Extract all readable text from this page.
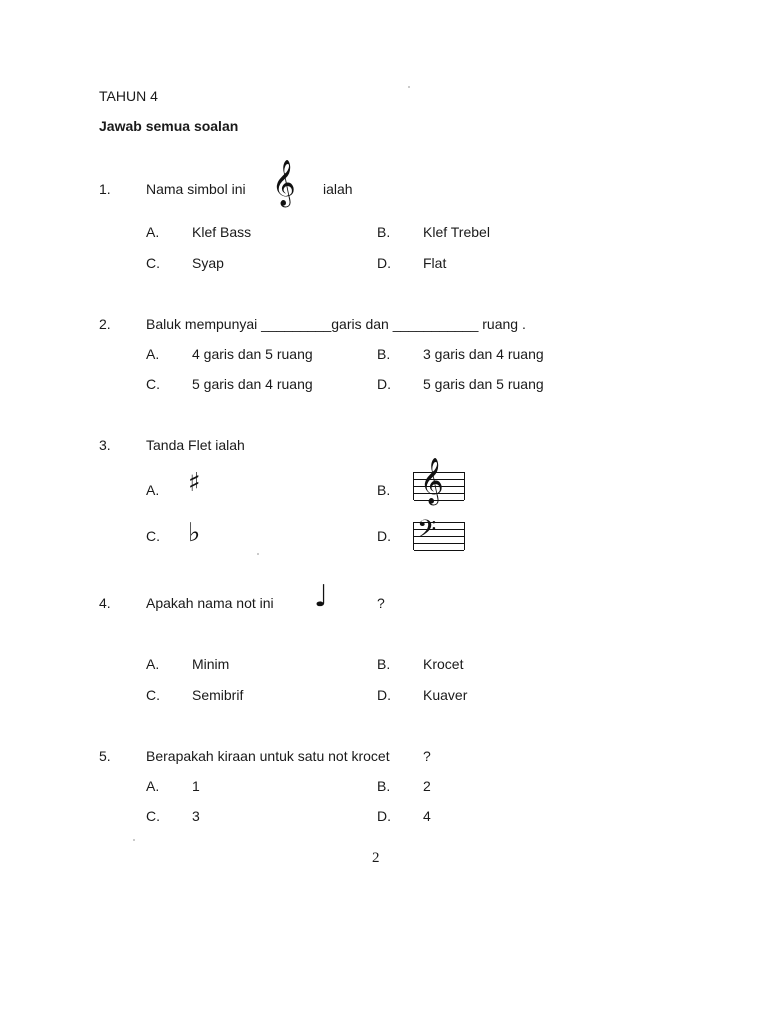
TAHUN 4
Jawab semua soalan
1.	Nama simbol ini 𝄞 ialah
A. Klef Bass	B. Klef Trebel
C. Syap	D. Flat
2.	Baluk mempunyai _________garis dan ___________ ruang .
A. 4 garis dan 5 ruang	B. 3 garis dan 4 ruang
C. 5 garis dan 4 ruang	D. 5 garis dan 5 ruang
3.	Tanda Flet ialah
A. ♯	B. 𝄞
C. ♭	D. 𝄢
4.	Apakah nama not ini ♩	?
A. Minim	B. Krocet
C. Semibrif	D. Kuaver
5.	Berapakah kiraan untuk satu not krocet ?
A. 1	B. 2
C. 3	D. 4
2
